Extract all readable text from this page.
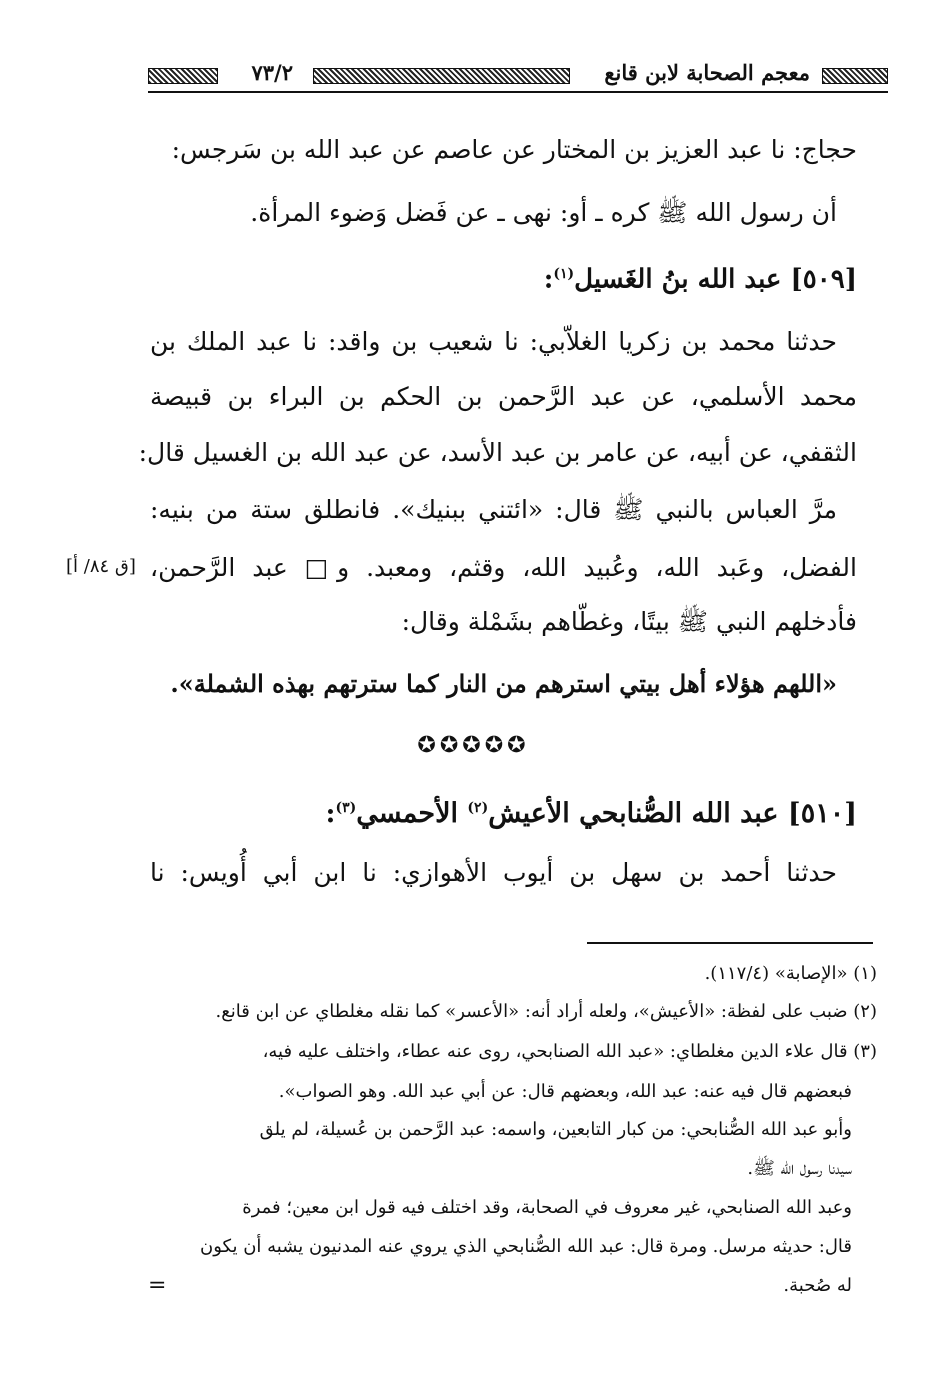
معجم الصحابة لابن قانع
٧٣/٢
حجاج: نا عبد العزيز بن المختار عن عاصم عن عبد الله بن سَرجس:
أن رسول الله ﷺ كره ـ أو: نهى ـ عن فَضل وَضوء المرأة.
[٥٠٩] عبد الله بنُ الغَسيل$^{(١)}$:
حدثنا محمد بن زكريا الغلاّبي: نا شعيب بن واقد: نا عبد الملك بن
محمد الأسلمي، عن عبد الرَّحمن بن الحكم بن البراء بن قبيصة
الثقفي، عن أبيه، عن عامر بن عبد الأسد، عن عبد الله بن الغسيل قال:
مرَّ العباس بالنبي ﷺ قال: «ائتني ببنيك». فانطلق ستة من بنيه:
الفضل، وعَبد الله، وعُبيد الله، وقثم، ومعبد. و□ عبد الرَّحمن،
[ق ٨٤/ أ]
فأدخلهم النبي ﷺ بيتًا، وغطّاهم بشَمْلة وقال:
«اللهم هؤلاء أهل بيتي استرهم من النار كما سترتهم بهذه الشملة».
✪✪✪✪✪
[٥١٠] عبد الله الصُّنابحي الأعيش$^{(٢)}$ الأحمسي$^{(٣)}$:
حدثنا أحمد بن سهل بن أيوب الأهوازي: نا ابن أبي أُويس: نا
(١) «الإصابة» (١١٧/٤).
(٢) ضبب على لفظة: «الأعيش»، ولعله أراد أنه: «الأعسر» كما نقله مغلطاي عن ابن قانع.
(٣) قال علاء الدين مغلطاي: «عبد الله الصنابحي، روى عنه عطاء، واختلف عليه فيه،
فبعضهم قال فيه عنه: عبد الله، وبعضهم قال: عن أبي عبد الله. وهو الصواب».
وأبو عبد الله الصُّنابحي: من كبار التابعين، واسمه: عبد الرَّحمن بن عُسيلة، لم يلق
سيدنا رسول الله ﷺ.
وعبد الله الصنابحي، غير معروف في الصحابة، وقد اختلف فيه قول ابن معين؛ فمرة
قال: حديثه مرسل. ومرة قال: عبد الله الصُّنابحي الذي يروي عنه المدنيون يشبه أن يكون
له صُحبة.
=
